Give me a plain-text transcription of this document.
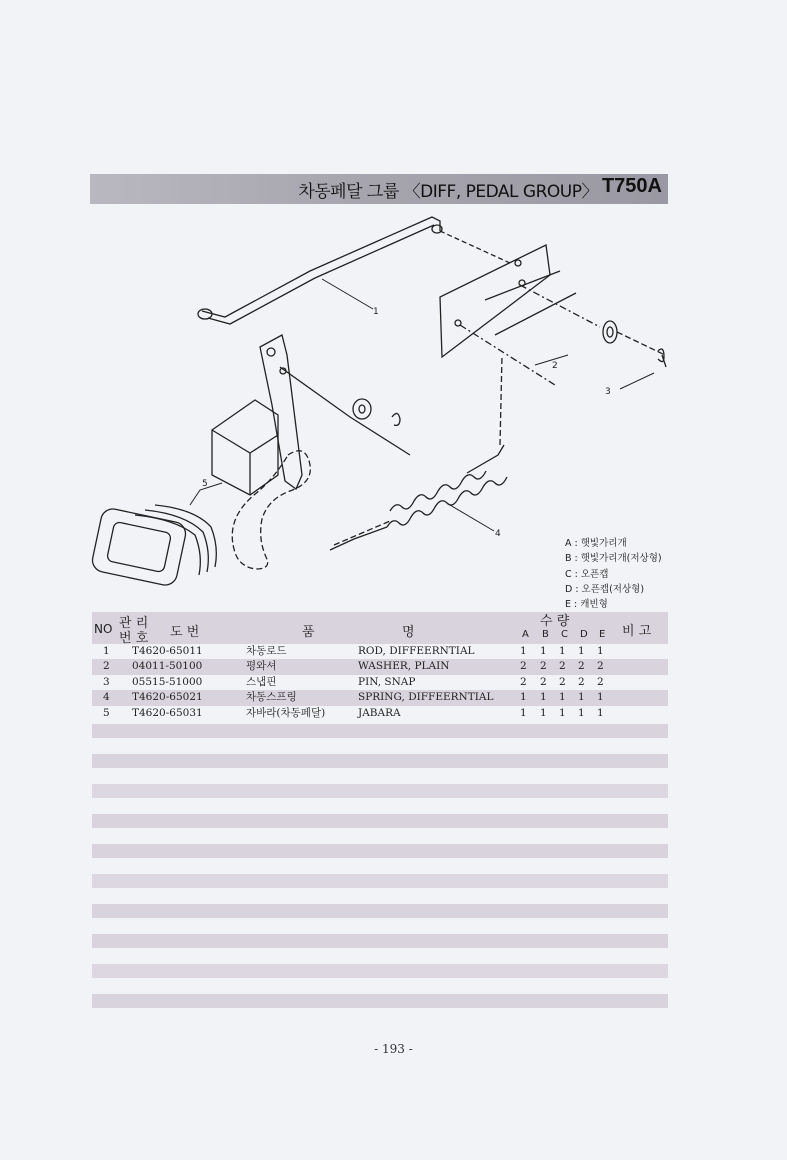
차동페달 그룹 〈DIFF, PEDAL GROUP〉 T750A
1
2
3
4
5
A : 햇빛가리개
B : 햇빛가리개(저상형)
C : 오픈캡
D : 오픈캡(저상형)
E : 캐빈형
NO 관 리
번 호 도 번	품	명
수 량
A B C D E 비 고
1 T4620-65011	차동로드	ROD, DIFFEERNTIAL	1 1 1 1 1
2 04011-50100	평와셔	WASHER, PLAIN	2 2 2 2 2
3 05515-51000	스냅핀	PIN, SNAP	2 2 2 2 2
4 T4620-65021	차동스프링	SPRING, DIFFEERNTIAL	1 1 1 1 1
5 T4620-65031	자바라(차동페달)	JABARA	1 1 1 1 1
- 193 -
